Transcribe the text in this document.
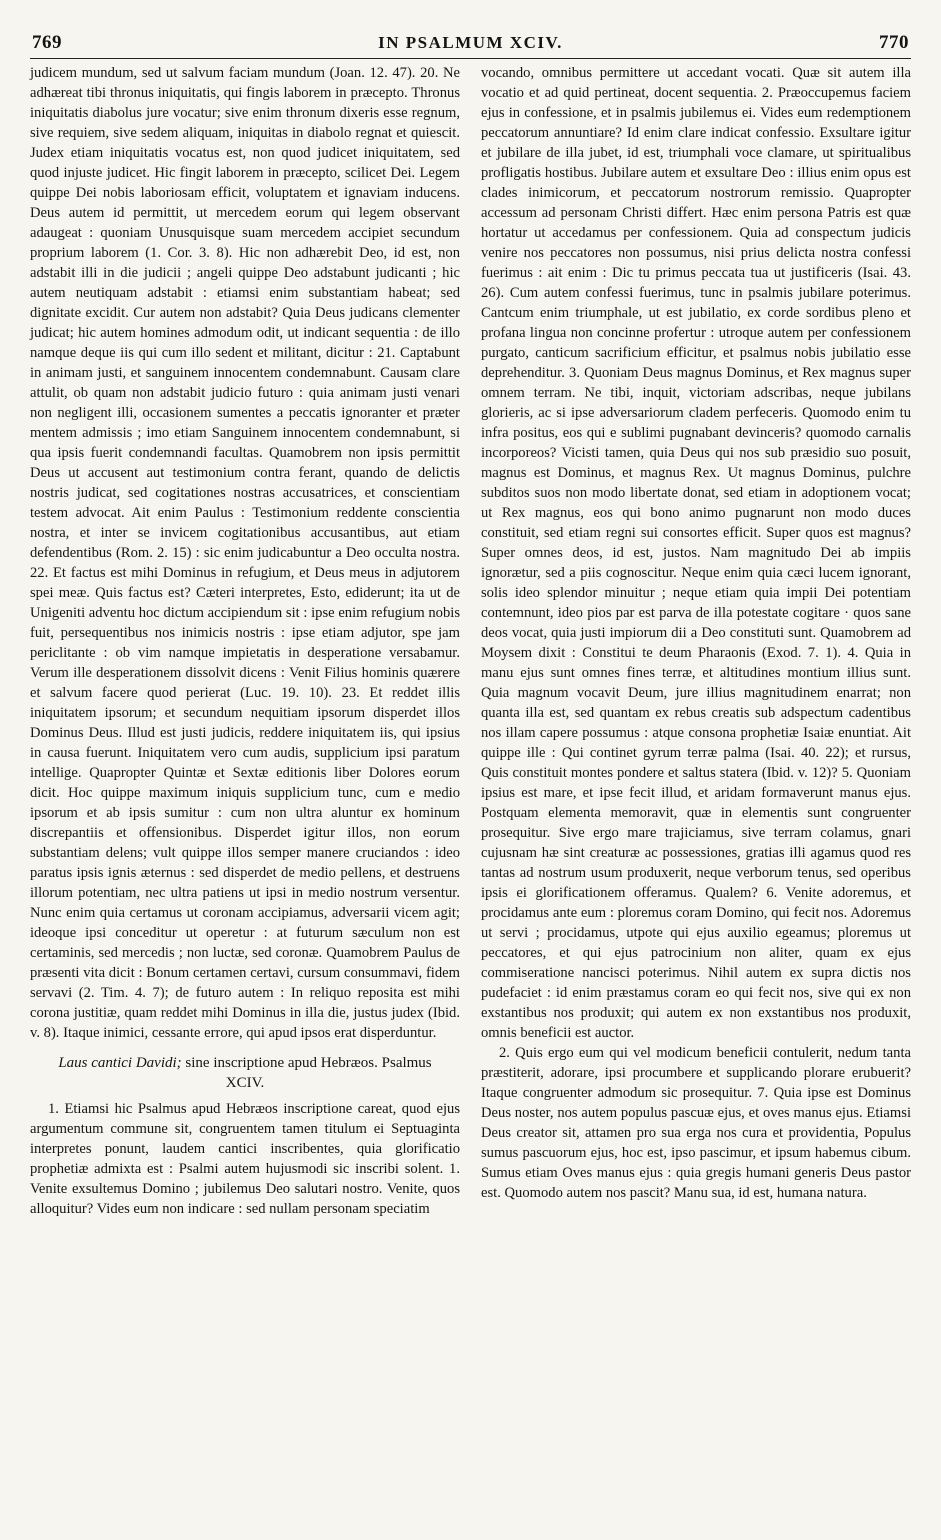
769	IN PSALMUM XCIV.	770

judicem mundum, sed ut salvum faciam mundum (Joan. 12. 47). 20. Ne adhæreat tibi thronus iniquitatis, qui fingis laborem in præcepto. Thronus iniquitatis diabolus jure vocatur; sive enim thronum dixeris esse regnum, sive requiem, sive sedem aliquam, iniquitas in diabolo regnat et quiescit. Judex etiam iniquitatis vocatus est, non quod judicet iniquitatem, sed quod injuste judicet. Hic fingit laborem in præcepto, scilicet Dei. Legem quippe Dei nobis laboriosam efficit, voluptatem et ignaviam inducens. Deus autem id permittit, ut mercedem eorum qui legem observant adaugeat : quoniam Unusquisque suam mercedem accipiet secundum proprium laborem (1. Cor. 3. 8). Hic non adhærebit Deo, id est, non adstabit illi in die judicii ; angeli quippe Deo adstabunt judicanti ; hic autem neutiquam adstabit : etiamsi enim substantiam habeat; sed dignitate excidit. Cur autem non adstabit? Quia Deus judicans clementer judicat; hic autem homines admodum odit, ut indicant sequentia : de illo namque deque iis qui cum illo sedent et militant, dicitur : 21. Captabunt in animam justi, et sanguinem innocentem condemnabunt. Causam clare attulit, ob quam non adstabit judicio futuro : quia animam justi venari non negligent illi, occasionem sumentes a peccatis ignoranter et præter mentem admissis ; imo etiam Sanguinem innocentem condemnabunt, si qua ipsis fuerit condemnandi facultas. Quamobrem non ipsis permittit Deus ut accusent aut testimonium contra ferant, quando de delictis nostris judicat, sed cogitationes nostras accusatrices, et conscientiam testem advocat. Ait enim Paulus : Testimonium reddente conscientia nostra, et inter se invicem cogitationibus accusantibus, aut etiam defendentibus (Rom. 2. 15) : sic enim judicabuntur a Deo occulta nostra. 22. Et factus est mihi Dominus in refugium, et Deus meus in adjutorem spei meæ. Quis factus est? Cæteri interpretes, Esto, ediderunt; ita ut de Unigeniti adventu hoc dictum accipiendum sit : ipse enim refugium nobis fuit, persequentibus nos inimicis nostris : ipse etiam adjutor, spe jam periclitante : ob vim namque impietatis in desperatione versabamur. Verum ille desperationem dissolvit dicens : Venit Filius hominis quærere et salvum facere quod perierat (Luc. 19. 10). 23. Et reddet illis iniquitatem ipsorum; et secundum nequitiam ipsorum disperdet illos Dominus Deus. Illud est justi judicis, reddere iniquitatem iis, qui ipsius in causa fuerunt. Iniquitatem vero cum audis, supplicium ipsi paratum intellige. Quapropter Quintæ et Sextæ editionis liber Dolores eorum dicit. Hoc quippe maximum iniquis supplicium tunc, cum e medio ipsorum et ab ipsis sumitur : cum non ultra aluntur ex hominum discrepantiis et offensionibus. Disperdet igitur illos, non eorum substantiam delens; vult quippe illos semper manere cruciandos : ideo paratus ipsis ignis æternus : sed disperdet de medio pellens, et destruens illorum potentiam, nec ultra patiens ut ipsi in medio nostrum versentur. Nunc enim quia certamus ut coronam accipiamus, adversarii vicem agit; ideoque ipsi conceditur ut operetur : at futurum sæculum non est certaminis, sed mercedis ; non luctæ, sed coronæ. Quamobrem Paulus de præsenti vita dicit : Bonum certamen certavi, cursum consummavi, fidem servavi (2. Tim. 4. 7); de futuro autem : In reliquo reposita est mihi corona justitiæ, quam reddet mihi Dominus in illa die, justus judex (Ibid. v. 8). Itaque inimici, cessante errore, qui apud ipsos erat disperduntur.

Laus cantici Davidi; sine inscriptione apud Hebræos. Psalmus XCIV.

1. Etiamsi hic Psalmus apud Hebræos inscriptione careat, quod ejus argumentum commune sit, congruentem tamen titulum ei Septuaginta interpretes ponunt, laudem cantici inscribentes, quia glorificatio prophetiæ admixta est : Psalmi autem hujusmodi sic inscribi solent. 1. Venite exsultemus Domino ; jubilemus Deo salutari nostro. Venite, quos alloquitur? Vides eum non indicare : sed nullam personam speciatim

vocando, omnibus permittere ut accedant vocati. Quæ sit autem illa vocatio et ad quid pertineat, docent sequentia. 2. Præoccupemus faciem ejus in confessione, et in psalmis jubilemus ei. Vides eum redemptionem peccatorum annuntiare? Id enim clare indicat confessio. Exsultare igitur et jubilare de illa jubet, id est, triumphali voce clamare, ut spiritualibus profligatis hostibus. Jubilare autem et exsultare Deo : illius enim opus est clades inimicorum, et peccatorum nostrorum remissio. Quapropter accessum ad personam Christi differt. Hæc enim persona Patris est quæ hortatur ut accedamus per confessionem. Quia ad conspectum judicis venire nos peccatores non possumus, nisi prius delicta nostra confessi fuerimus : ait enim : Dic tu primus peccata tua ut justificeris (Isai. 43. 26). Cum autem confessi fuerimus, tunc in psalmis jubilare poterimus. Cantcum enim triumphale, ut est jubilatio, ex corde sordibus pleno et profana lingua non concinne profertur : utroque autem per confessionem purgato, canticum sacrificium efficitur, et psalmus nobis jubilatio esse deprehenditur. 3. Quoniam Deus magnus Dominus, et Rex magnus super omnem terram. Ne tibi, inquit, victoriam adscribas, neque jubilans glorieris, ac si ipse adversariorum cladem perfeceris. Quomodo enim tu infra positus, eos qui e sublimi pugnabant devinceris? quomodo carnalis incorporeos? Vicisti tamen, quia Deus qui nos sub præsidio suo posuit, magnus est Dominus, et magnus Rex. Ut magnus Dominus, pulchre subditos suos non modo libertate donat, sed etiam in adoptionem vocat; ut Rex magnus, eos qui bono animo pugnarunt non modo duces constituit, sed etiam regni sui consortes efficit. Super quos est magnus? Super omnes deos, id est, justos. Nam magnitudo Dei ab impiis ignorætur, sed a piis cognoscitur. Neque enim quia cæci lucem ignorant, solis ideo splendor minuitur ; neque etiam quia impii Dei potentiam contemnunt, ideo pios par est parva de illa potestate cogitare · quos sane deos vocat, quia justi impiorum dii a Deo constituti sunt. Quamobrem ad Moysem dixit : Constitui te deum Pharaonis (Exod. 7. 1). 4. Quia in manu ejus sunt omnes fines terræ, et altitudines montium illius sunt. Quia magnum vocavit Deum, jure illius magnitudinem enarrat; non quanta illa est, sed quantam ex rebus creatis sub adspectum cadentibus nos illam capere possumus : atque consona prophetiæ Isaiæ enuntiat. Ait quippe ille : Qui continet gyrum terræ palma (Isai. 40. 22); et rursus, Quis constituit montes pondere et saltus statera (Ibid. v. 12)? 5. Quoniam ipsius est mare, et ipse fecit illud, et aridam formaverunt manus ejus. Postquam elementa memoravit, quæ in elementis sunt congruenter prosequitur. Sive ergo mare trajiciamus, sive terram colamus, gnari cujusnam hæ sint creaturæ ac possessiones, gratias illi agamus quod res tantas ad nostrum usum produxerit, neque verborum tenus, sed operibus ipsis ei glorificationem offeramus. Qualem? 6. Venite adoremus, et procidamus ante eum : ploremus coram Domino, qui fecit nos. Adoremus ut servi ; procidamus, utpote qui ejus auxilio egeamus; ploremus ut peccatores, et qui ejus patrocinium non aliter, quam ex ejus commiseratione nancisci poterimus. Nihil autem ex supra dictis nos pudefaciet : id enim præstamus coram eo qui fecit nos, sive qui ex non exstantibus nos produxit; qui autem ex non exstantibus nos produxit, omnis beneficii est auctor.

2. Quis ergo eum qui vel modicum beneficii contulerit, nedum tanta præstiterit, adorare, ipsi procumbere et supplicando plorare erubuerit? Itaque congruenter admodum sic prosequitur. 7. Quia ipse est Dominus Deus noster, nos autem populus pascuæ ejus, et oves manus ejus. Etiamsi Deus creator sit, attamen pro sua erga nos cura et providentia, Populus sumus pascuorum ejus, hoc est, ipso pascimur, et ipsum habemus cibum. Sumus etiam Oves manus ejus : quia gregis humani generis Deus pastor est. Quomodo autem nos pascit? Manu sua, id est, humana natura.
